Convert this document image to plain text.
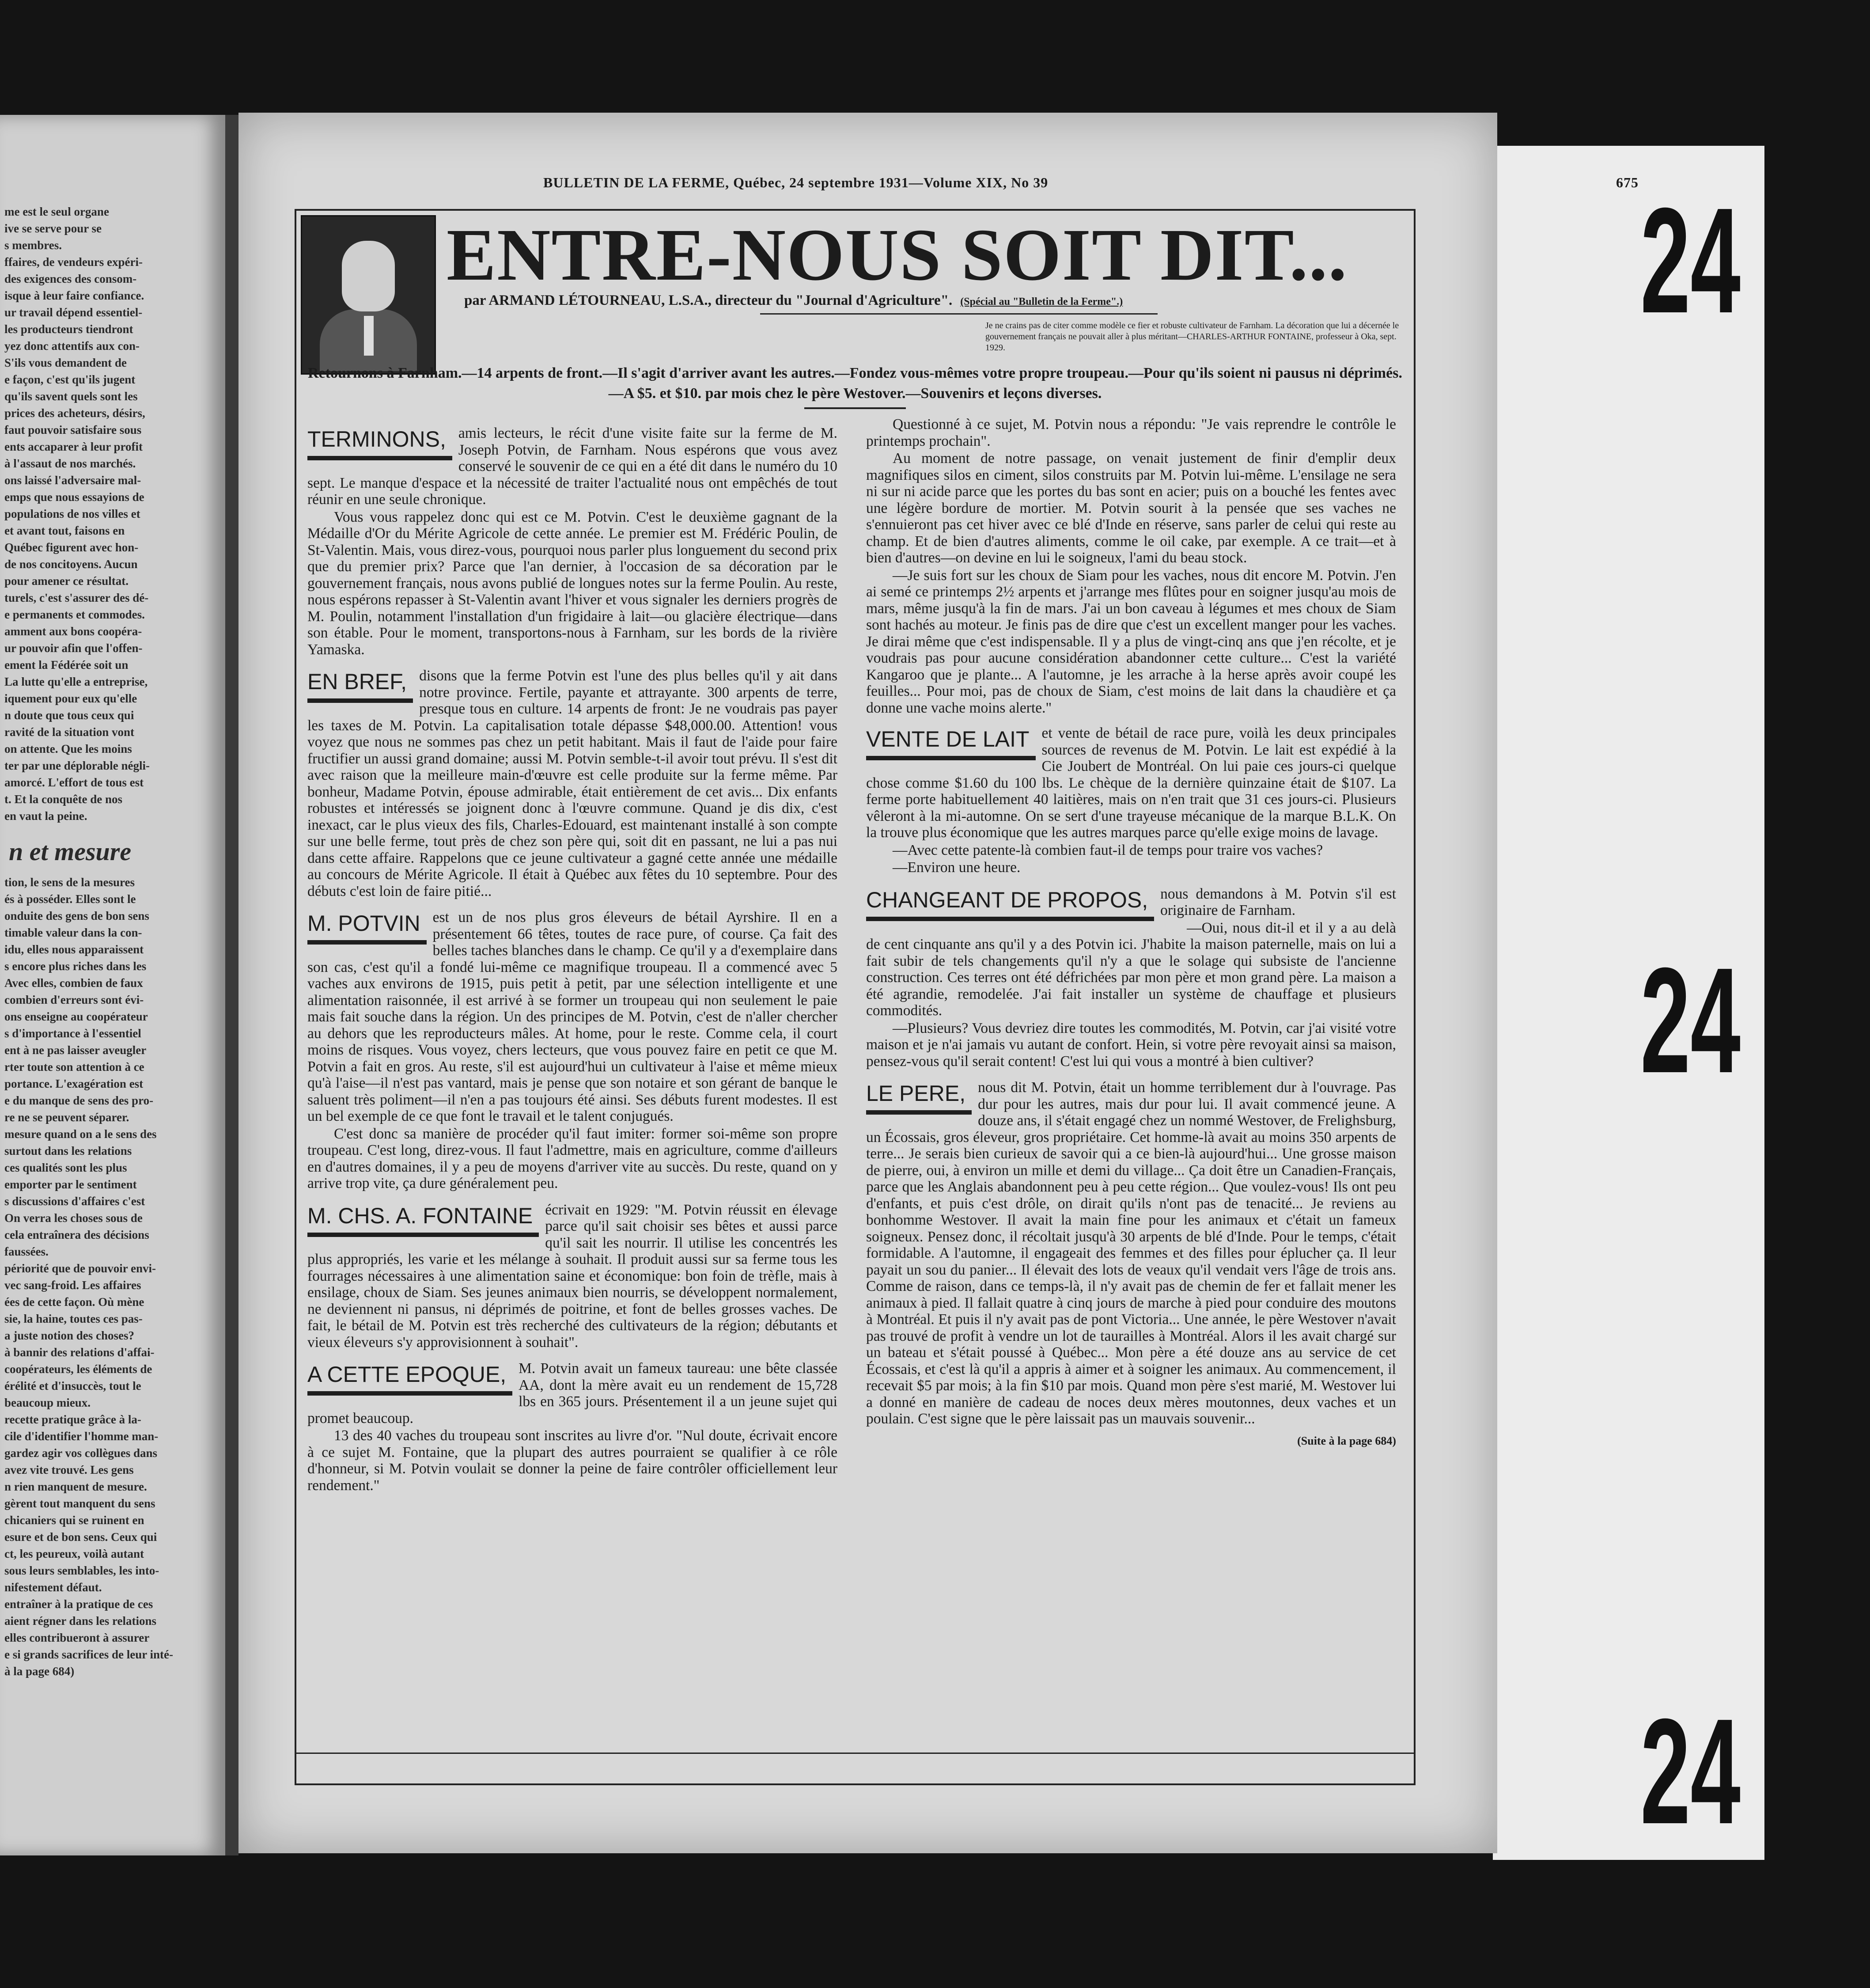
me est le seul organe

ive se serve pour se

s membres.

ffaires, de vendeurs expéri-

des exigences des consom-

isque à leur faire confiance.

ur travail dépend essentiel-

les producteurs tiendront

yez donc attentifs aux con-

S'ils vous demandent de

e façon, c'est qu'ils jugent

qu'ils savent quels sont les

prices des acheteurs, désirs,

faut pouvoir satisfaire sous

ents accaparer à leur profit

à l'assaut de nos marchés.

ons laissé l'adversaire mal-

emps que nous essayions de

populations de nos villes et

et avant tout, faisons en

Québec figurent avec hon-

de nos concitoyens. Aucun

pour amener ce résultat.

turels, c'est s'assurer des dé-

e permanents et commodes.

amment aux bons coopéra-

ur pouvoir afin que l'offen-

ement la Fédérée soit un

La lutte qu'elle a entreprise,

iquement pour eux qu'elle

n doute que tous ceux qui

ravité de la situation vont

on attente. Que les moins

ter par une déplorable négli-

amorcé. L'effort de tous est

t. Et la conquête de nos

en vaut la peine.

n et mesure

tion, le sens de la mesures

és à posséder. Elles sont le

onduite des gens de bon sens

timable valeur dans la con-

idu, elles nous apparaissent

s encore plus riches dans les

Avec elles, combien de faux

combien d'erreurs sont évi-

ons enseigne au coopérateur

s d'importance à l'essentiel

ent à ne pas laisser aveugler

rter toute son attention à ce

portance. L'exagération est

e du manque de sens des pro-

re ne se peuvent séparer.

mesure quand on a le sens des

surtout dans les relations

ces qualités sont les plus

emporter par le sentiment

s discussions d'affaires c'est

On verra les choses sous de

cela entraînera des décisions

faussées.

périorité que de pouvoir envi-

vec sang-froid. Les affaires

ées de cette façon. Où mène

sie, la haine, toutes ces pas-

a juste notion des choses?

à bannir des relations d'affai-

coopérateurs, les éléments de

érélité et d'insuccès, tout le

beaucoup mieux.

recette pratique grâce à la-

cile d'identifier l'homme man-

gardez agir vos collègues dans

avez vite trouvé. Les gens

n rien manquent de mesure.

gèrent tout manquent du sens

chicaniers qui se ruinent en

esure et de bon sens. Ceux qui

ct, les peureux, voilà autant

sous leurs semblables, les into-

nifestement défaut.

entraîner à la pratique de ces

aient régner dans les relations

elles contribueront à assurer

e si grands sacrifices de leur inté-

à la page 684)

24
24
24
BULLETIN DE LA FERME, Québec, 24 septembre 1931—Volume XIX, No 39	675
ENTRE-NOUS SOIT DIT...
par ARMAND LÉTOURNEAU, L.S.A., directeur du "Journal d'Agriculture". (Spécial au "Bulletin de la Ferme".)
Je ne crains pas de citer comme modèle ce fier et robuste cultivateur de Farnham. La décoration que lui a décernée le gouvernement français ne pouvait aller à plus méritant—CHARLES-ARTHUR FONTAINE, professeur à Oka, sept. 1929.
Retournons à Farnham.—14 arpents de front.—Il s'agit d'arriver avant les autres.—Fondez vous-mêmes votre propre troupeau.—Pour qu'ils soient ni pausus ni déprimés.—A $5. et $10. par mois chez le père Westover.—Souvenirs et leçons diverses.
TERMINONS, amis lecteurs, le récit d'une visite faite sur la ferme de M. Joseph Potvin, de Farnham. Nous espérons que vous avez conservé le souvenir de ce qui en a été dit dans le numéro du 10 sept. Le manque d'espace et la nécessité de traiter l'actualité nous ont empêchés de tout réunir en une seule chronique.

Vous vous rappelez donc qui est ce M. Potvin. C'est le deuxième gagnant de la Médaille d'Or du Mérite Agricole de cette année. Le premier est M. Frédéric Poulin, de St-Valentin. Mais, vous direz-vous, pourquoi nous parler plus longuement du second prix que du premier prix? Parce que l'an dernier, à l'occasion de sa décoration par le gouvernement français, nous avons publié de longues notes sur la ferme Poulin. Au reste, nous espérons repasser à St-Valentin avant l'hiver et vous signaler les derniers progrès de M. Poulin, notamment l'installation d'un frigidaire à lait—ou glacière électrique—dans son étable. Pour le moment, transportons-nous à Farnham, sur les bords de la rivière Yamaska.

EN BREF, disons que la ferme Potvin est l'une des plus belles qu'il y ait dans notre province. Fertile, payante et attrayante. 300 arpents de terre, presque tous en culture. 14 arpents de front: Je ne voudrais pas payer les taxes de M. Potvin. La capitalisation totale dépasse $48,000.00. Attention! vous voyez que nous ne sommes pas chez un petit habitant. Mais il faut de l'aide pour faire fructifier un aussi grand domaine; aussi M. Potvin semble-t-il avoir tout prévu. Il s'est dit avec raison que la meilleure main-d'œuvre est celle produite sur la ferme même. Par bonheur, Madame Potvin, épouse admirable, était entièrement de cet avis... Dix enfants robustes et intéressés se joignent donc à l'œuvre commune. Quand je dis dix, c'est inexact, car le plus vieux des fils, Charles-Edouard, est maintenant installé à son compte sur une belle ferme, tout près de chez son père qui, soit dit en passant, ne lui a pas nui dans cette affaire. Rappelons que ce jeune cultivateur a gagné cette année une médaille au concours de Mérite Agricole. Il était à Québec aux fêtes du 10 septembre. Pour des débuts c'est loin de faire pitié...

M. POTVIN est un de nos plus gros éleveurs de bétail Ayrshire. Il en a présentement 66 têtes, toutes de race pure, of course. Ça fait des belles taches blanches dans le champ. Ce qu'il y a d'exemplaire dans son cas, c'est qu'il a fondé lui-même ce magnifique troupeau. Il a commencé avec 5 vaches aux environs de 1915, puis petit à petit, par une sélection intelligente et une alimentation raisonnée, il est arrivé à se former un troupeau qui non seulement le paie mais fait souche dans la région. Un des principes de M. Potvin, c'est de n'aller chercher au dehors que les reproducteurs mâles. At home, pour le reste. Comme cela, il court moins de risques. Vous voyez, chers lecteurs, que vous pouvez faire en petit ce que M. Potvin a fait en gros. Au reste, s'il est aujourd'hui un cultivateur à l'aise et même mieux qu'à l'aise—il n'est pas vantard, mais je pense que son notaire et son gérant de banque le saluent très poliment—il n'en a pas toujours été ainsi. Ses débuts furent modestes. Il est un bel exemple de ce que font le travail et le talent conjugués.

C'est donc sa manière de procéder qu'il faut imiter: former soi-même son propre troupeau. C'est long, direz-vous. Il faut l'admettre, mais en agriculture, comme d'ailleurs en d'autres domaines, il y a peu de moyens d'arriver vite au succès. Du reste, quand on y arrive trop vite, ça dure généralement peu.

M. CHS. A. FONTAINE écrivait en 1929: "M. Potvin réussit en élevage parce qu'il sait choisir ses bêtes et aussi parce qu'il sait les nourrir. Il utilise les concentrés les plus appropriés, les varie et les mélange à souhait. Il produit aussi sur sa ferme tous les fourrages nécessaires à une alimentation saine et économique: bon foin de trèfle, mais à ensilage, choux de Siam. Ses jeunes animaux bien nourris, se développent normalement, ne deviennent ni pansus, ni déprimés de poitrine, et font de belles grosses vaches. De fait, le bétail de M. Potvin est très recherché des cultivateurs de la région; débutants et vieux éleveurs s'y approvisionnent à souhait".

A CETTE EPOQUE, M. Potvin avait un fameux taureau: une bête classée AA, dont la mère avait eu un rendement de 15,728 lbs en 365 jours. Présentement il a un jeune sujet qui promet beaucoup.

13 des 40 vaches du troupeau sont inscrites au livre d'or. "Nul doute, écrivait encore à ce sujet M. Fontaine, que la plupart des autres pourraient se qualifier à ce rôle d'honneur, si M. Potvin voulait se donner la peine de faire contrôler officiellement leur rendement."

Questionné à ce sujet, M. Potvin nous a répondu: "Je vais reprendre le contrôle le printemps prochain".

Au moment de notre passage, on venait justement de finir d'emplir deux magnifiques silos en ciment, silos construits par M. Potvin lui-même. L'ensilage ne sera ni sur ni acide parce que les portes du bas sont en acier; puis on a bouché les fentes avec une légère bordure de mortier. M. Potvin sourit à la pensée que ses vaches ne s'ennuieront pas cet hiver avec ce blé d'Inde en réserve, sans parler de celui qui reste au champ. Et de bien d'autres aliments, comme le oil cake, par exemple. A ce trait—et à bien d'autres—on devine en lui le soigneux, l'ami du beau stock.

—Je suis fort sur les choux de Siam pour les vaches, nous dit encore M. Potvin. J'en ai semé ce printemps 2½ arpents et j'arrange mes flûtes pour en soigner jusqu'au mois de mars, même jusqu'à la fin de mars. J'ai un bon caveau à légumes et mes choux de Siam sont hachés au moteur. Je finis pas de dire que c'est un excellent manger pour les vaches. Je dirai même que c'est indispensable. Il y a plus de vingt-cinq ans que j'en récolte, et je voudrais pas pour aucune considération abandonner cette culture... C'est la variété Kangaroo que je plante... A l'automne, je les arrache à la herse après avoir coupé les feuilles... Pour moi, pas de choux de Siam, c'est moins de lait dans la chaudière et ça donne une vache moins alerte."

VENTE DE LAIT et vente de bétail de race pure, voilà les deux principales sources de revenus de M. Potvin. Le lait est expédié à la Cie Joubert de Montréal. On lui paie ces jours-ci quelque chose comme $1.60 du 100 lbs. Le chèque de la dernière quinzaine était de $107. La ferme porte habituellement 40 laitières, mais on n'en trait que 31 ces jours-ci. Plusieurs vêleront à la mi-automne. On se sert d'une trayeuse mécanique de la marque B.L.K. On la trouve plus économique que les autres marques parce qu'elle exige moins de lavage.

—Avec cette patente-là combien faut-il de temps pour traire vos vaches?

—Environ une heure.

CHANGEANT DE PROPOS, nous demandons à M. Potvin s'il est originaire de Farnham.

—Oui, nous dit-il et il y a au delà de cent cinquante ans qu'il y a des Potvin ici. J'habite la maison paternelle, mais on lui a fait subir de tels changements qu'il n'y a que le solage qui subsiste de l'ancienne construction. Ces terres ont été défrichées par mon père et mon grand père. La maison a été agrandie, remodelée. J'ai fait installer un système de chauffage et plusieurs commodités.

—Plusieurs? Vous devriez dire toutes les commodités, M. Potvin, car j'ai visité votre maison et je n'ai jamais vu autant de confort. Hein, si votre père revoyait ainsi sa maison, pensez-vous qu'il serait content! C'est lui qui vous a montré à bien cultiver?

LE PERE, nous dit M. Potvin, était un homme terriblement dur à l'ouvrage. Pas dur pour les autres, mais dur pour lui. Il avait commencé jeune. A douze ans, il s'était engagé chez un nommé Westover, de Frelighsburg, un Écossais, gros éleveur, gros propriétaire. Cet homme-là avait au moins 350 arpents de terre... Je serais bien curieux de savoir qui a ce bien-là aujourd'hui... Une grosse maison de pierre, oui, à environ un mille et demi du village... Ça doit être un Canadien-Français, parce que les Anglais abandonnent peu à peu cette région... Que voulez-vous! Ils ont peu d'enfants, et puis c'est drôle, on dirait qu'ils n'ont pas de tenacité... Je reviens au bonhomme Westover. Il avait la main fine pour les animaux et c'était un fameux soigneux. Pensez donc, il récoltait jusqu'à 30 arpents de blé d'Inde. Pour le temps, c'était formidable. A l'automne, il engageait des femmes et des filles pour éplucher ça. Il leur payait un sou du panier... Il élevait des lots de veaux qu'il vendait vers l'âge de trois ans. Comme de raison, dans ce temps-là, il n'y avait pas de chemin de fer et fallait mener les animaux à pied. Il fallait quatre à cinq jours de marche à pied pour conduire des moutons à Montréal. Et puis il n'y avait pas de pont Victoria... Une année, le père Westover n'avait pas trouvé de profit à vendre un lot de taurailles à Montréal. Alors il les avait chargé sur un bateau et s'était poussé à Québec... Mon père a été douze ans au service de cet Écossais, et c'est là qu'il a appris à aimer et à soigner les animaux. Au commencement, il recevait $5 par mois; à la fin $10 par mois. Quand mon père s'est marié, M. Westover lui a donné en manière de cadeau de noces deux mères moutonnes, deux vaches et un poulain. C'est signe que le père laissait pas un mauvais souvenir...

(Suite à la page 684)
